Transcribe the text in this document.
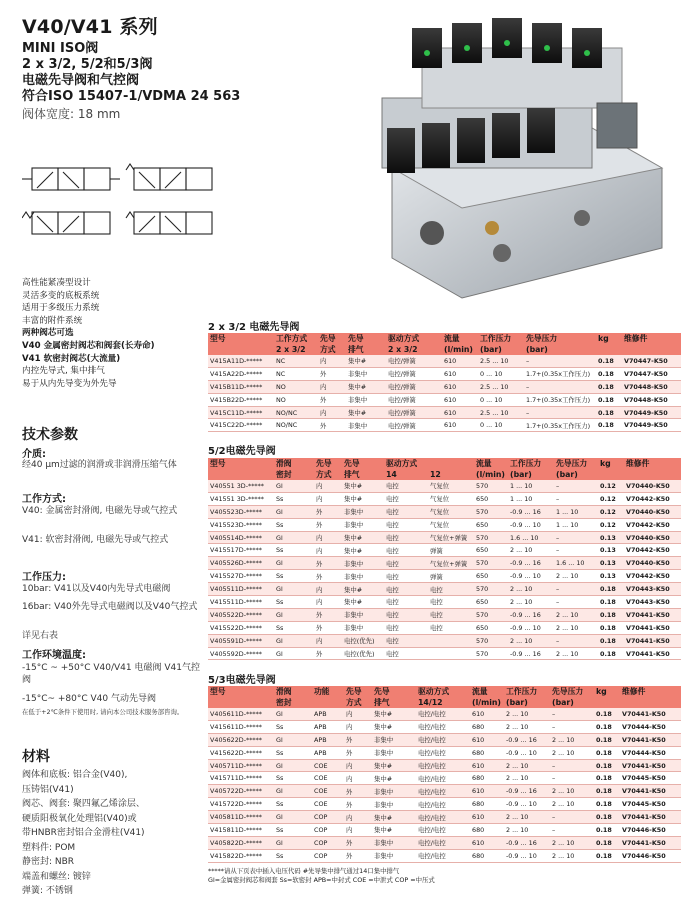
V40/V41 系列
MINI ISO阀
2 x 3/2, 5/2和5/3阀
电磁先导阀和气控阀
符合ISO 15407-1/VDMA 24 563
阀体宽度: 18 mm
高性能紧凑型设计
灵活多变的底板系统
适用于多级压力系统
丰富的附件系统
两种阀芯可选
V40 金属密封阀芯和阀套(长寿命)
V41 软密封阀芯(大流量)
内控先导式, 集中排气
易于从内先导变为外先导
技术参数
介质:
经40 μm过滤的润滑或非润滑压缩气体
工作方式:
V40: 金属密封滑阀, 电磁先导或气控式
V41: 软密封滑阀, 电磁先导或气控式
工作压力:
10bar: V41以及V40内先导式电磁阀
16bar: V40外先导式电磁阀以及V40气控式
详见右表
工作环境温度:
-15°C ~ +50°C V40/V41 电磁阀 V41气控阀
-15°C~ +80°C V40 气动先导阀
在低于+2℃条件下使用时, 请向本公司技术服务部咨询。
材料
阀体和底板: 铝合金(V40),
压铸铝(V41)
阀芯、阀套: 聚四氟乙烯涂层、
硬质阳极氧化处理铝(V40)或
带HNBR密封铝合金滑柱(V41)
塑料件: POM
静密封: NBR
端盖和螺丝: 镀锌
弹簧: 不锈钢
2 x 3/2 电磁先导阀
型号	工作方式	先导	先导	驱动方式	流量	工作压力	先导压力	kg	维修件
	2 x 3/2	方式	排气	2 x 3/2	(l/min)	(bar)	(bar)		
V415A11D-*****	NC	内	集中#	电控/弹簧	610	2.5 ... 10	–	0.18	V70447-K50
V415A22D-*****	NC	外	非集中	电控/弹簧	610	0 ... 10	1.7+(0.35x工作压力)	0.18	V70447-K50
V415B11D-*****	NO	内	集中#	电控/弹簧	610	2.5 ... 10	–	0.18	V70448-K50
V415B22D-*****	NO	外	非集中	电控/弹簧	610	0 ... 10	1.7+(0.35x工作压力)	0.18	V70448-K50
V415C11D-*****	NO/NC	内	集中#	电控/弹簧	610	2.5 ... 10	–	0.18	V70449-K50
V415C22D-*****	NO/NC	外	非集中	电控/弹簧	610	0 ... 10	1.7+(0.35x工作压力)	0.18	V70449-K50
5/2电磁先导阀
型号	滑阀	先导	先导	驱动方式		流量	工作压力	先导压力	kg	维修件
	密封	方式	排气	14	12	(l/min)	(bar)	(bar)		
V40551 3D-*****	Gl	内	集中#	电控	气复位	570	1 ... 10	–	0.12	V70440-K50
V41551 3D-*****	Ss	内	集中#	电控	气复位	650	1 ... 10	–	0.12	V70442-K50
V405523D-*****	Gl	外	非集中	电控	气复位	570	-0.9 ... 16	1 ... 10	0.12	V70440-K50
V415523D-*****	Ss	外	非集中	电控	气复位	650	-0.9 ... 10	1 ... 10	0.12	V70442-K50
V405514D-*****	Gl	内	集中#	电控	气复位+弹簧	570	1.6 ... 10	–	0.13	V70440-K50
V415517D-*****	Ss	内	集中#	电控	弹簧	650	2 ... 10	–	0.13	V70442-K50
V405526D-*****	Gl	外	非集中	电控	气复位+弹簧	570	-0.9 ... 16	1.6 ... 10	0.13	V70440-K50
V415527D-*****	Ss	外	非集中	电控	弹簧	650	-0.9 ... 10	2 ... 10	0.13	V70442-K50
V405511D-*****	Gl	内	集中#	电控	电控	570	2 ... 10	–	0.18	V70443-K50
V415511D-*****	Ss	内	集中#	电控	电控	650	2 ... 10	–	0.18	V70443-K50
V405522D-*****	Gl	外	非集中	电控	电控	570	-0.9 ... 16	2 ... 10	0.18	V70441-K50
V415522D-*****	Ss	外	非集中	电控	电控	650	-0.9 ... 10	2 ... 10	0.18	V70441-K50
V405591D-*****	Gl	内	电控(优先)	电控		570	2 ... 10	–	0.18	V70441-K50
V405592D-*****	Gl	外	电控(优先)	电控		570	-0.9 ... 16	2 ... 10	0.18	V70441-K50
5/3电磁先导阀
型号	滑阀	功能	先导	先导	驱动方式	流量	工作压力	先导压力	kg	维修件
	密封		方式	排气	14/12	(l/min)	(bar)	(bar)		
V405611D-*****	Gl	APB	内	集中#	电控/电控	610	2 ... 10	–	0.18	V70441-K50
V415611D-*****	Ss	APB	内	集中#	电控/电控	680	2 ... 10	–	0.18	V70444-K50
V405622D-*****	Gl	APB	外	非集中	电控/电控	610	-0.9 ... 16	2 ... 10	0.18	V70441-K50
V415622D-*****	Ss	APB	外	非集中	电控/电控	680	-0.9 ... 10	2 ... 10	0.18	V70444-K50
V405711D-*****	Gl	COE	内	集中#	电控/电控	610	2 ... 10	–	0.18	V70441-K50
V415711D-*****	Ss	COE	内	集中#	电控/电控	680	2 ... 10	–	0.18	V70445-K50
V405722D-*****	Gl	COE	外	非集中	电控/电控	610	-0.9 ... 16	2 ... 10	0.18	V70441-K50
V415722D-*****	Ss	COE	外	非集中	电控/电控	680	-0.9 ... 10	2 ... 10	0.18	V70445-K50
V405811D-*****	Gl	COP	内	集中#	电控/电控	610	2 ... 10	–	0.18	V70441-K50
V415811D-*****	Ss	COP	内	集中#	电控/电控	680	2 ... 10	–	0.18	V70446-K50
V405822D-*****	Gl	COP	外	非集中	电控/电控	610	-0.9 ... 16	2 ... 10	0.18	V70441-K50
V415822D-*****	Ss	COP	外	非集中	电控/电控	680	-0.9 ... 10	2 ... 10	0.18	V70446-K50
*****请从下页表中插入电压代码 #先导集中排气通过14口集中排气
Gl=金属密封阀芯和阀套 Ss=软密封 APB=中封式 COE =中泄式 COP =中压式
